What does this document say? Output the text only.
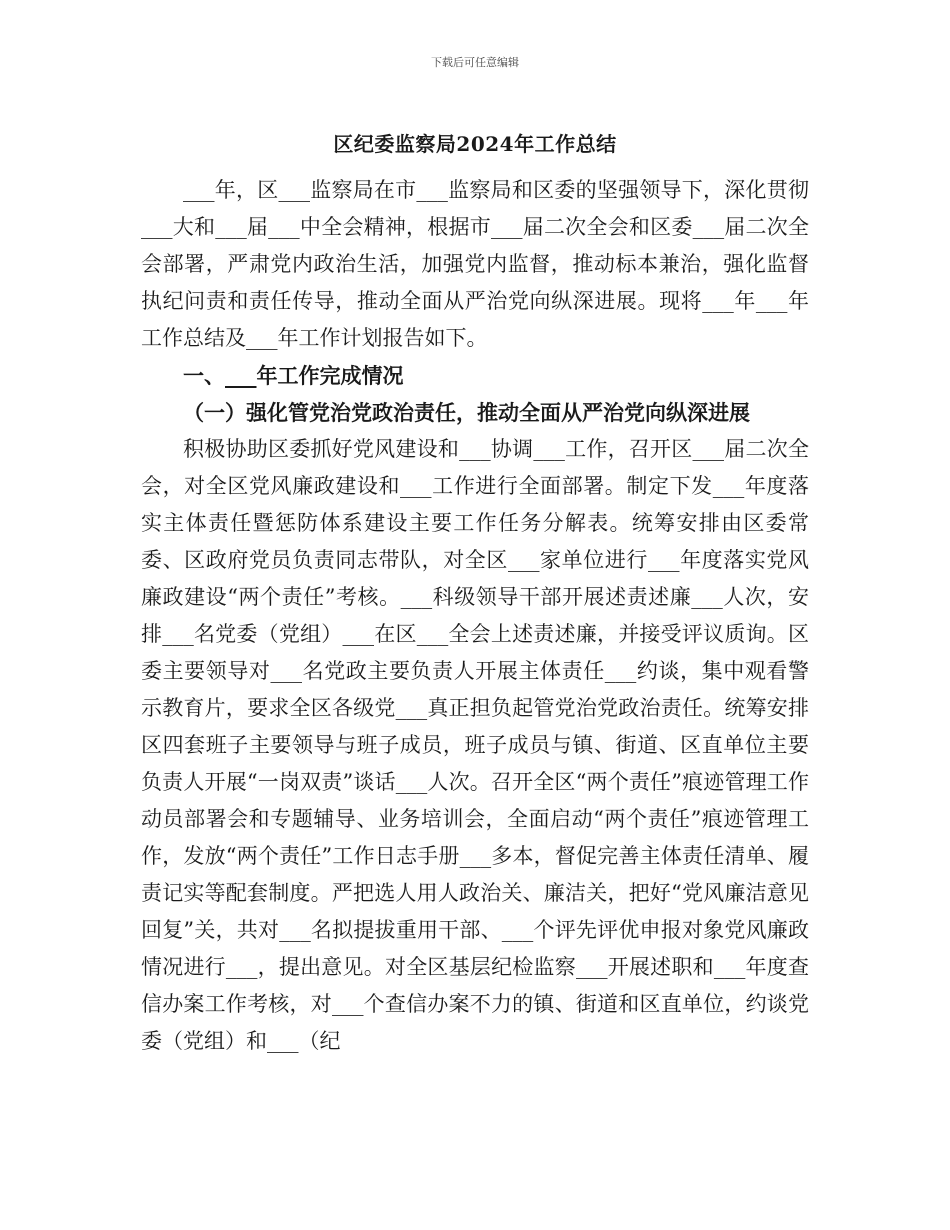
下载后可任意编辑
区纪委监察局2024年工作总结

___年，区___监察局在市___监察局和区委的坚强领导下，深化贯彻___大和___届___中全会精神，根据市___届二次全会和区委___届二次全会部署，严肃党内政治生活，加强党内监督，推动标本兼治，强化监督执纪问责和责任传导，推动全面从严治党向纵深进展。现将___年___年工作总结及___年工作计划报告如下。

一、___年工作完成情况

（一）强化管党治党政治责任，推动全面从严治党向纵深进展

积极协助区委抓好党风建设和___协调___工作，召开区___届二次全会，对全区党风廉政建设和___工作进行全面部署。制定下发___年度落实主体责任暨惩防体系建设主要工作任务分解表。统筹安排由区委常委、区政府党员负责同志带队，对全区___家单位进行___年度落实党风廉政建设“两个责任”考核。___科级领导干部开展述责述廉___人次，安排___名党委（党组）___在区___全会上述责述廉，并接受评议质询。区委主要领导对___名党政主要负责人开展主体责任___约谈，集中观看警示教育片，要求全区各级党___真正担负起管党治党政治责任。统筹安排区四套班子主要领导与班子成员，班子成员与镇、街道、区直单位主要负责人开展“一岗双责”谈话___人次。召开全区“两个责任”痕迹管理工作动员部署会和专题辅导、业务培训会，全面启动“两个责任”痕迹管理工作，发放“两个责任”工作日志手册___多本，督促完善主体责任清单、履责记实等配套制度。严把选人用人政治关、廉洁关，把好“党风廉洁意见回复”关，共对___名拟提拔重用干部、___个评先评优申报对象党风廉政情况进行___，提出意见。对全区基层纪检监察___开展述职和___年度查信办案工作考核，对___个查信办案不力的镇、街道和区直单位，约谈党委（党组）和___（纪
